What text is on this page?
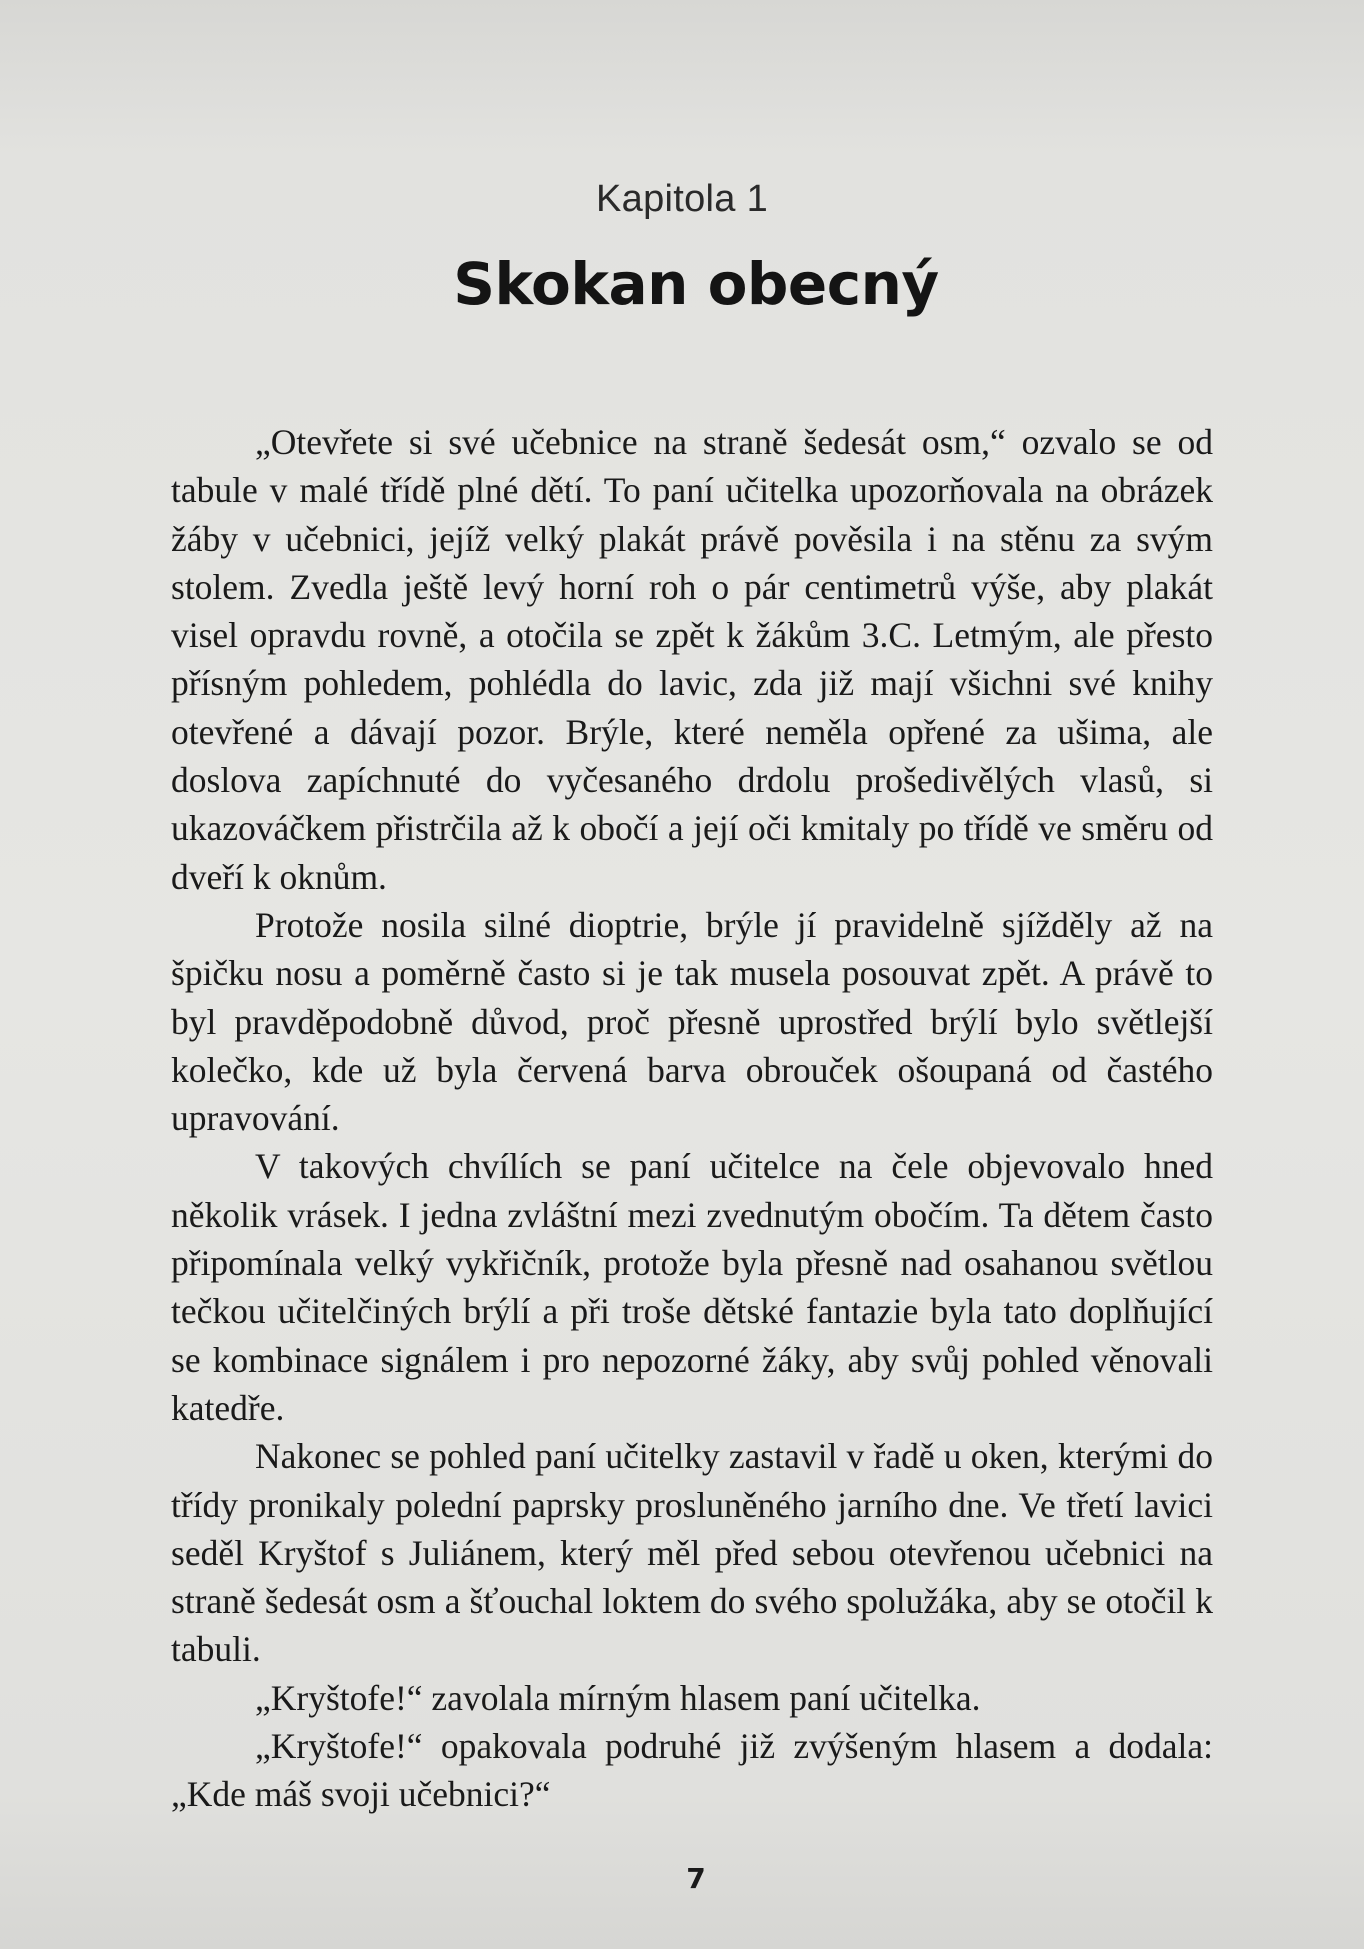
Kapitola 1
Skokan obecný

„Otevřete si své učebnice na straně šedesát osm,“ ozvalo se od tabule v malé třídě plné dětí. To paní učitelka upozorňovala na obrázek žáby v učebnici, jejíž velký plakát právě pověsila i na stěnu za svým stolem. Zvedla ještě levý horní roh o pár centimetrů výše, aby plakát visel opravdu rovně, a otočila se zpět k žákům 3.C. Letmým, ale přesto přísným pohledem, pohlédla do lavic, zda již mají všichni své knihy otevřené a dávají pozor. Brýle, které neměla opřené za ušima, ale doslova zapíchnuté do vyčesaného drdolu prošedivělých vlasů, si ukazováčkem přistrčila až k obočí a její oči kmitaly po třídě ve směru od dveří k oknům.

Protože nosila silné dioptrie, brýle jí pravidelně sjížděly až na špičku nosu a poměrně často si je tak musela posouvat zpět. A právě to byl pravděpodobně důvod, proč přesně uprostřed brýlí bylo světlejší kolečko, kde už byla červená barva obrouček ošoupaná od častého upravování.

V takových chvílích se paní učitelce na čele objevovalo hned několik vrásek. I jedna zvláštní mezi zvednutým obočím. Ta dětem často připomínala velký vykřičník, protože byla přesně nad osahanou světlou tečkou učitelčiných brýlí a při troše dětské fantazie byla tato doplňující se kombinace signálem i pro nepozorné žáky, aby svůj pohled věnovali katedře.

Nakonec se pohled paní učitelky zastavil v řadě u oken, kterými do třídy pronikaly polední paprsky prosluněného jarního dne. Ve třetí lavici seděl Kryštof s Juliánem, který měl před sebou otevřenou učebnici na straně šedesát osm a šťouchal loktem do svého spolužáka, aby se otočil k tabuli.

„Kryštofe!“ zavolala mírným hlasem paní učitelka.

„Kryštofe!“ opakovala podruhé již zvýšeným hlasem a dodala: „Kde máš svoji učebnici?“

7
